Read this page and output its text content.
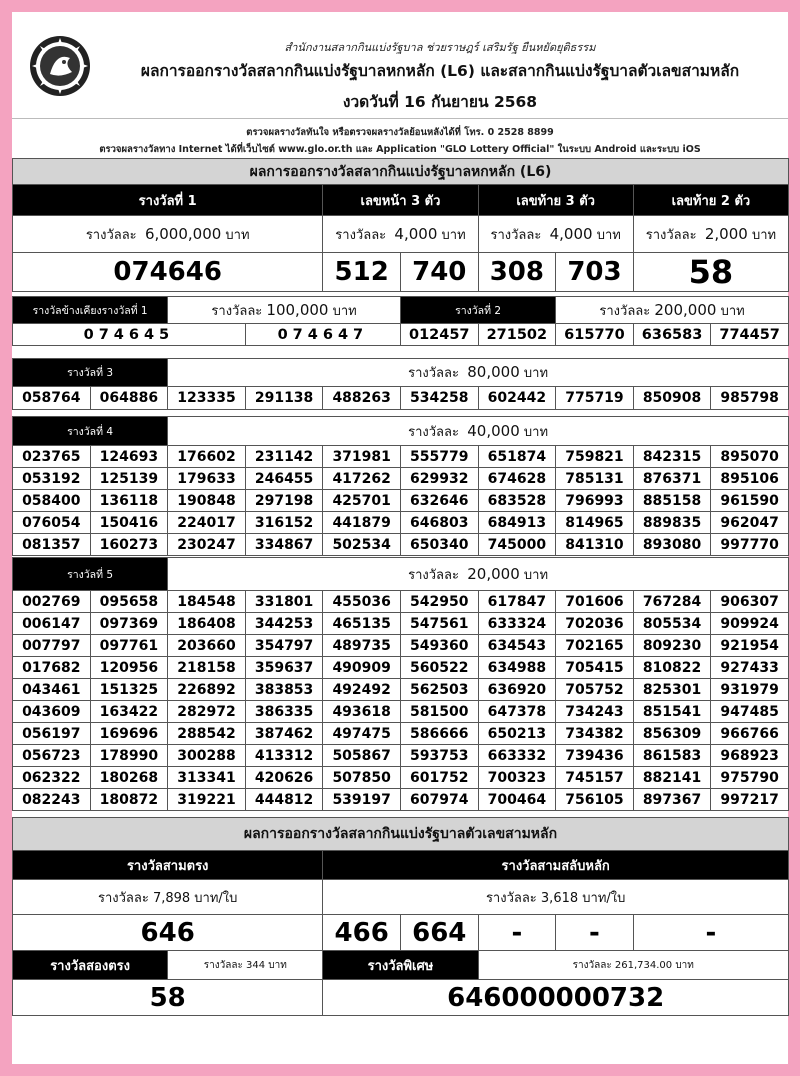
สำนักงานสลากกินแบ่งรัฐบาล ช่วยราษฎร์ เสริมรัฐ ยืนหยัดยุติธรรม
ผลการออกรางวัลสลากกินแบ่งรัฐบาลหกหลัก (L6) และสลากกินแบ่งรัฐบาลตัวเลขสามหลัก
งวดวันที่ 16 กันยายน 2568
ตรวจผลรางวัลทันใจ หรือตรวจผลรางวัลย้อนหลังได้ที่ โทร. 0 2528 8899
ตรวจผลรางวัลทาง Internet ได้ที่เว็บไซต์ www.glo.or.th และ Application "GLO Lottery Official" ในระบบ Android และระบบ iOS
ผลการออกรางวัลสลากกินแบ่งรัฐบาลหกหลัก (L6)					
รางวัลที่ 1	เลขหน้า 3 ตัว		เลขท้าย 3 ตัว		เลขท้าย 2 ตัว
รางวัลละ 6,000,000 บาท	รางวัลละ 4,000 บาท		รางวัลละ 4,000 บาท		รางวัลละ 2,000 บาท
074646	512	740	308	703	58
รางวัลข้างเคียงรางวัลที่ 1	รางวัลละ 100,000 บาท		รางวัลที่ 2		รางวัลละ 200,000 บาท		
074645		074647	012457	271502	615770	636583	774457
รางวัลที่ 3		รางวัลละ 80,000 บาท							
058764	064886	123335	291138	488263	534258	602442	775719	850908	985798
รางวัลที่ 4		รางวัลละ 40,000 บาท							
023765	124693	176602	231142	371981	555779	651874	759821	842315	895070
053192	125139	179633	246455	417262	629932	674628	785131	876371	895106
058400	136118	190848	297198	425701	632646	683528	796993	885158	961590
076054	150416	224017	316152	441879	646803	684913	814965	889835	962047
081357	160273	230247	334867	502534	650340	745000	841310	893080	997770
รางวัลที่ 5		รางวัลละ 20,000 บาท							
002769	095658	184548	331801	455036	542950	617847	701606	767284	906307
006147	097369	186408	344253	465135	547561	633324	702036	805534	909924
007797	097761	203660	354797	489735	549360	634543	702165	809230	921954
017682	120956	218158	359637	490909	560522	634988	705415	810822	927433
043461	151325	226892	383853	492492	562503	636920	705752	825301	931979
043609	163422	282972	386335	493618	581500	647378	734243	851541	947485
056197	169696	288542	387462	497475	586666	650213	734382	856309	966766
056723	178990	300288	413312	505867	593753	663332	739436	861583	968923
062322	180268	313341	420626	507850	601752	700323	745157	882141	975790
082243	180872	319221	444812	539197	607974	700464	756105	897367	997217
ผลการออกรางวัลสลากกินแบ่งรัฐบาลตัวเลขสามหลัก						
รางวัลสามตรง		รางวัลสามสลับหลัก				
รางวัลละ 7,898 บาท/ใบ		รางวัลละ 3,618 บาท/ใบ				
646		466	664	-	-	-
รางวัลสองตรง	รางวัลละ 344 บาท	รางวัลพิเศษ		รางวัลละ 261,734.00 บาท		
58		646000000732				
